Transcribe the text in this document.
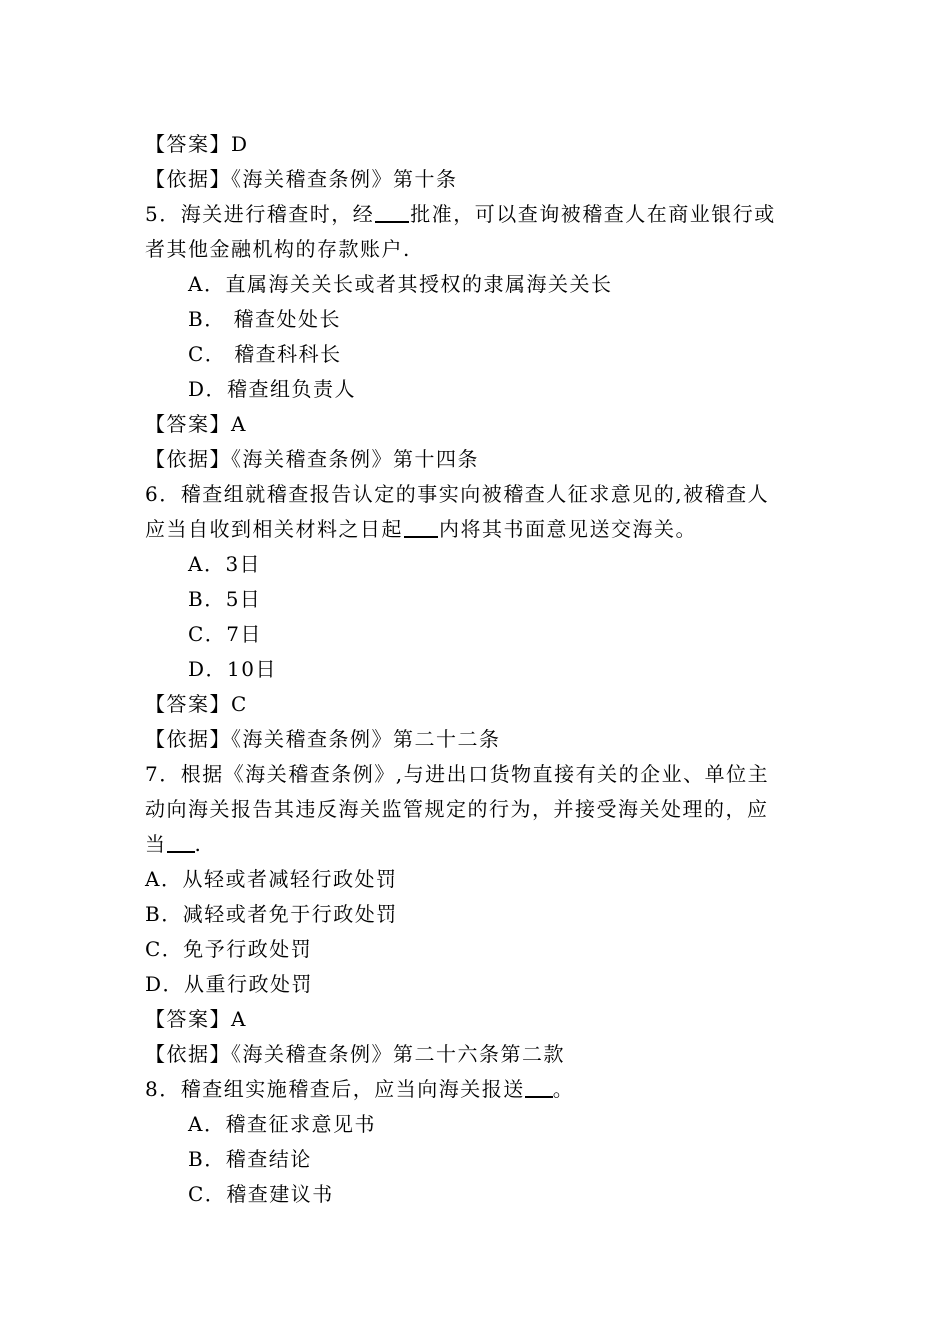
【答案】D
【依据】《海关稽查条例》第十条
5．海关进行稽查时，经 批准，可以查询被稽查人在商业银行或
者其他金融机构的存款账户.
A．直属海关关长或者其授权的隶属海关关长
B． 稽查处处长
C． 稽查科科长
D．稽查组负责人
【答案】A
【依据】《海关稽查条例》第十四条
6．稽查组就稽查报告认定的事实向被稽查人征求意见的,被稽查人
应当自收到相关材料之日起 内将其书面意见送交海关。
A．3日
B．5日
C．7日
D．10日
【答案】C
【依据】《海关稽查条例》第二十二条
7．根据《海关稽查条例》,与进出口货物直接有关的企业、单位主
动向海关报告其违反海关监管规定的行为，并接受海关处理的，应
当 .
A．从轻或者减轻行政处罚
B．减轻或者免于行政处罚
C．免予行政处罚
D．从重行政处罚
【答案】A
【依据】《海关稽查条例》第二十六条第二款
8．稽查组实施稽查后，应当向海关报送 。
A．稽查征求意见书
B．稽查结论
C．稽查建议书
